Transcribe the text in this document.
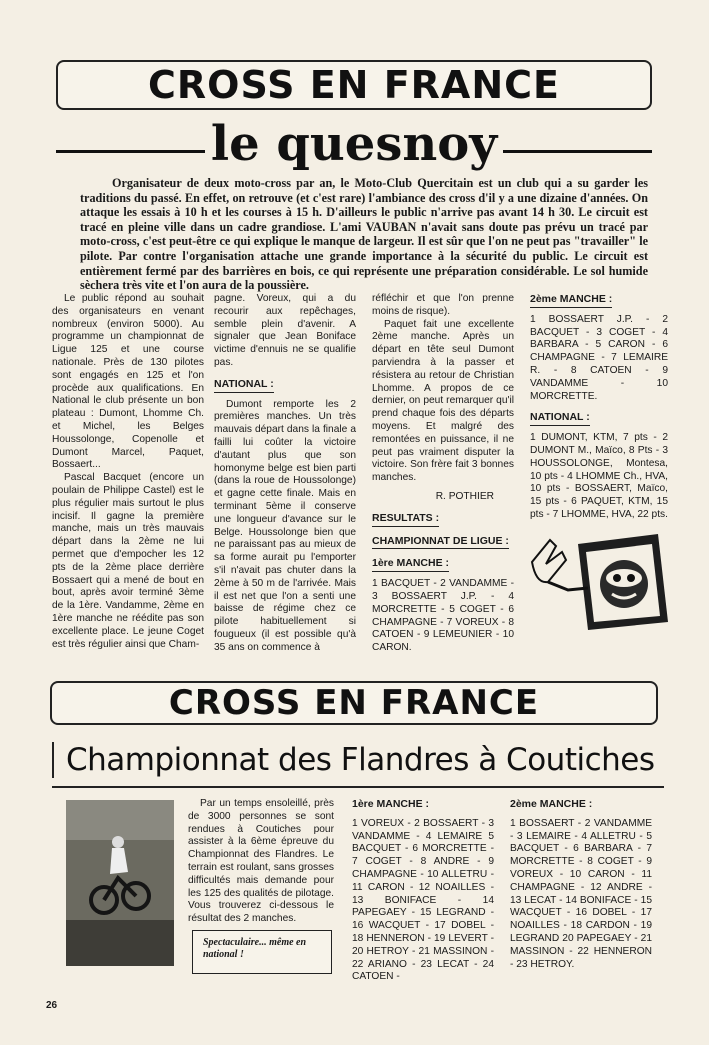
CROSS EN FRANCE
le quesnoy

Organisateur de deux moto-cross par an, le Moto-Club Quercitain est un club qui a su garder les traditions du passé. En effet, on retrouve (et c'est rare) l'ambiance des cross d'il y a une dizaine d'années. On attaque les essais à 10 h et les courses à 15 h. D'ailleurs le public n'arrive pas avant 14 h 30. Le circuit est tracé en pleine ville dans un cadre grandiose. L'ami VAUBAN n'avait sans doute pas prévu un tracé par moto-cross, c'est peut-être ce qui explique le manque de largeur. Il est sûr que l'on ne peut pas "travailler" le pilote. Par contre l'organisation attache une grande importance à la sécurité du public. Le circuit est entièrement fermé par des barrières en bois, ce qui représente une préparation considérable. Le sol humide sèchera très vite et l'on aura de la poussière.

Le public répond au souhait des organisateurs en venant nombreux (environ 5000). Au programme un championnat de Ligue 125 et une course nationale. Près de 130 pilotes sont engagés en 125 et l'on procède aux qualifications. En National le club présente un bon plateau : Dumont, Lhomme Ch. et Michel, les Belges Houssolonge, Copenolle et Dumont Marcel, Paquet, Bossaert...

Pascal Bacquet (encore un poulain de Philippe Castel) est le plus régulier mais surtout le plus incisif. Il gagne la première manche, mais un très mauvais départ dans la 2ème ne lui permet que d'empocher les 12 pts de la 2ème place derrière Bossaert qui a mené de bout en bout, après avoir terminé 3ème de la 1ère. Vandamme, 2ème en 1ère manche ne réédite pas son excellente place. Le jeune Coget est très régulier ainsi que Cham-

pagne. Voreux, qui a du recourir aux repêchages, semble plein d'avenir. A signaler que Jean Boniface victime d'ennuis ne se qualifie pas.

NATIONAL :

Dumont remporte les 2 premières manches. Un très mauvais départ dans la finale a failli lui coûter la victoire d'autant plus que son homonyme belge est bien parti (dans la roue de Houssolonge) et gagne cette finale. Mais en terminant 5ème il conserve une longueur d'avance sur le Belge. Houssolonge bien que ne paraissant pas au mieux de sa forme aurait pu l'emporter s'il n'avait pas chuter dans la 2ème à 50 m de l'arrivée. Mais il est net que l'on a senti une baisse de régime chez ce pilote habituellement si fougueux (il est possible qu'à 35 ans on commence à

réfléchir et que l'on prenne moins de risque).

Paquet fait une excellente 2ème manche. Après un départ en tête seul Dumont parviendra à la passer et résistera au retour de Christian Lhomme. A propos de ce dernier, on peut remarquer qu'il prend chaque fois des départs moyens. Et malgré des remontées en puissance, il ne peut pas vraiment disputer la victoire. Son frère fait 3 bonnes manches.

R. POTHIER

RESULTATS : CHAMPIONNAT DE LIGUE : 1ère MANCHE :
1 BACQUET - 2 VANDAMME - 3 BOSSAERT J.P. - 4 MORCRETTE - 5 COGET - 6 CHAMPAGNE - 7 VOREUX - 8 CATOEN - 9 LEMEUNIER - 10 CARON.
2ème MANCHE :
1 BOSSAERT J.P. - 2 BACQUET - 3 COGET - 4 BARBARA - 5 CARON - 6 CHAMPAGNE - 7 LEMAIRE R. - 8 CATOEN - 9 VANDAMME - 10 MORCRETTE.
NATIONAL :
1 DUMONT, KTM, 7 pts - 2 DUMONT M., Maïco, 8 Pts - 3 HOUSSOLONGE, Montesa, 10 pts - 4 LHOMME Ch., HVA, 10 pts - BOSSAERT, Maïco, 15 pts - 6 PAQUET, KTM, 15 pts - 7 LHOMME, HVA, 22 pts.
CROSS EN FRANCE
Championnat des Flandres à Coutiches

Par un temps ensoleillé, près de 3000 personnes se sont rendues à Coutiches pour assister à la 6ème épreuve du Championnat des Flandres. Le terrain est roulant, sans grosses difficultés mais demande pour les 125 des qualités de pilotage. Vous trouverez ci-dessous le résultat des 2 manches.

Spectaculaire... même en national !
1ère MANCHE :
1 VOREUX - 2 BOSSAERT - 3 VANDAMME - 4 LEMAIRE 5 BACQUET - 6 MORCRETTE - 7 COGET - 8 ANDRE - 9 CHAMPAGNE - 10 ALLETRU - 11 CARON - 12 NOAILLES - 13 BONIFACE - 14 PAPEGAEY - 15 LEGRAND - 16 WACQUET - 17 DOBEL - 18 HENNERON - 19 LEVERT - 20 HETROY - 21 MASSINON - 22 ARIANO - 23 LECAT - 24 CATOEN -
2ème MANCHE :
1 BOSSAERT - 2 VANDAMME - 3 LEMAIRE - 4 ALLETRU - 5 BACQUET - 6 BARBARA - 7 MORCRETTE - 8 COGET - 9 VOREUX - 10 CARON - 11 CHAMPAGNE - 12 ANDRE - 13 LECAT - 14 BONIFACE - 15 WACQUET - 16 DOBEL - 17 NOAILLES - 18 CARDON - 19 LEGRAND 20 PAPEGAEY - 21 MASSINON - 22 HENNERON - 23 HETROY.
26
